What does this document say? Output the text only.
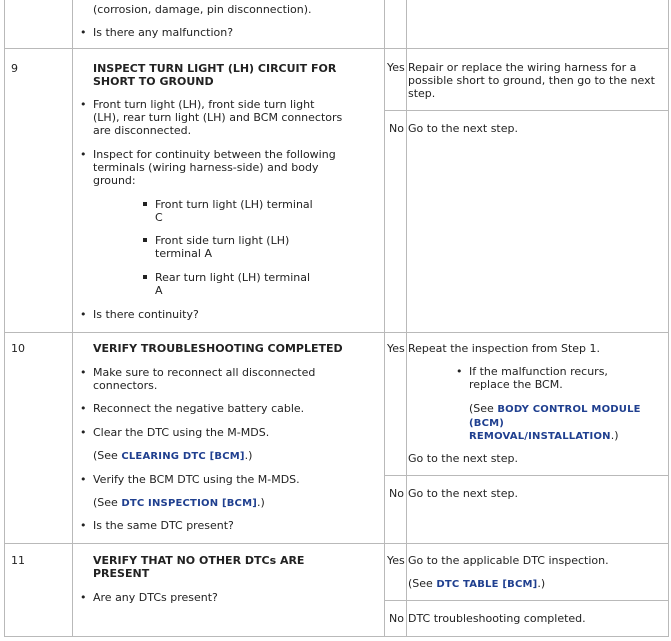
(corrosion, damage, pin disconnection).
• Is there any malfunction?
9	INSPECT TURN LIGHT (LH) CIRCUIT FOR
SHORT TO GROUND
• Front turn light (LH), front side turn light
(LH), rear turn light (LH) and BCM connectors
are disconnected.
• Inspect for continuity between the following
terminals (wiring harness-side) and body
ground:
Front turn light (LH) terminal
C
Front side turn light (LH)
terminal A
Rear turn light (LH) terminal
A
• Is there continuity?
Yes Repair or replace the wiring harness for a
possible short to ground, then go to the next
step.
No Go to the next step.
10	VERIFY TROUBLESHOOTING COMPLETED
• Make sure to reconnect all disconnected
connectors.
• Reconnect the negative battery cable.
• Clear the DTC using the M-MDS.
(See CLEARING DTC [BCM].)
• Verify the BCM DTC using the M-MDS.
(See DTC INSPECTION [BCM].)
• Is the same DTC present?
Yes Repeat the inspection from Step 1.
• If the malfunction recurs,
replace the BCM.
(See BODY CONTROL MODULE
(BCM)
REMOVAL/INSTALLATION.)
Go to the next step.
No Go to the next step.
11	VERIFY THAT NO OTHER DTCs ARE
PRESENT
• Are any DTCs present?
Yes Go to the applicable DTC inspection.
(See DTC TABLE [BCM].)
No DTC troubleshooting completed.
